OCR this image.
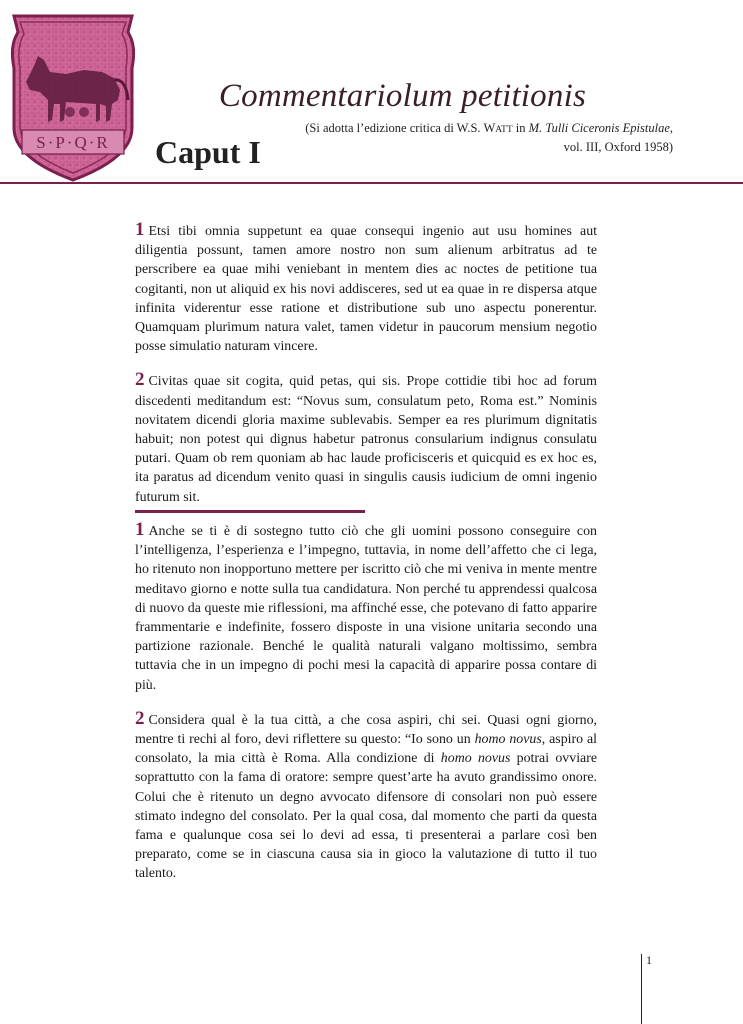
S·P·Q·R
Commentariolum petitionis

(Si adotta l’edizione critica di W.S. WATT in M. Tulli Ciceronis Epistulae,
vol. III, Oxford 1958)

Caput I

1 Etsi tibi omnia suppetunt ea quae consequi ingenio aut usu homines aut diligentia possunt, tamen amore nostro non sum alienum arbitratus ad te perscribere ea quae mihi veniebant in mentem dies ac noctes de petitione tua cogitanti, non ut aliquid ex his novi addisceres, sed ut ea quae in re dispersa atque infinita viderentur esse ratione et distributione sub uno aspectu ponerentur. Quamquam plurimum natura valet, tamen videtur in paucorum mensium negotio posse simulatio naturam vincere.

2 Civitas quae sit cogita, quid petas, qui sis. Prope cottidie tibi hoc ad forum discedenti meditandum est: “Novus sum, consulatum peto, Roma est.” Nominis novitatem dicendi gloria maxime sublevabis. Semper ea res plurimum dignitatis habuit; non potest qui dignus habetur patronus consularium indignus consulatu putari. Quam ob rem quoniam ab hac laude proficisceris et quicquid es ex hoc es, ita paratus ad dicendum venito quasi in singulis causis iudicium de omni ingenio futurum sit.

1 Anche se ti è di sostegno tutto ciò che gli uomini possono conseguire con l’intelligenza, l’esperienza e l’impegno, tuttavia, in nome dell’affetto che ci lega, ho ritenuto non inopportuno mettere per iscritto ciò che mi veniva in mente mentre meditavo giorno e notte sulla tua candidatura. Non perché tu apprendessi qualcosa di nuovo da queste mie riflessioni, ma affinché esse, che potevano di fatto apparire frammentarie e indefinite, fossero disposte in una visione unitaria secondo una partizione razionale. Benché le qualità naturali valgano moltissimo, sembra tuttavia che in un impegno di pochi mesi la capacità di apparire possa contare di più.

2 Considera qual è la tua città, a che cosa aspiri, chi sei. Quasi ogni giorno, mentre ti rechi al foro, devi riflettere su questo: “Io sono un homo novus, aspiro al consolato, la mia città è Roma. Alla condizione di homo novus potrai ovviare soprattutto con la fama di oratore: sempre quest’arte ha avuto grandissimo onore. Colui che è ritenuto un degno avvocato difensore di consolari non può essere stimato indegno del consolato. Per la qual cosa, dal momento che parti da questa fama e qualunque cosa sei lo devi ad essa, ti presenterai a parlare così ben preparato, come se in ciascuna causa sia in gioco la valutazione di tutto il tuo talento.

1
